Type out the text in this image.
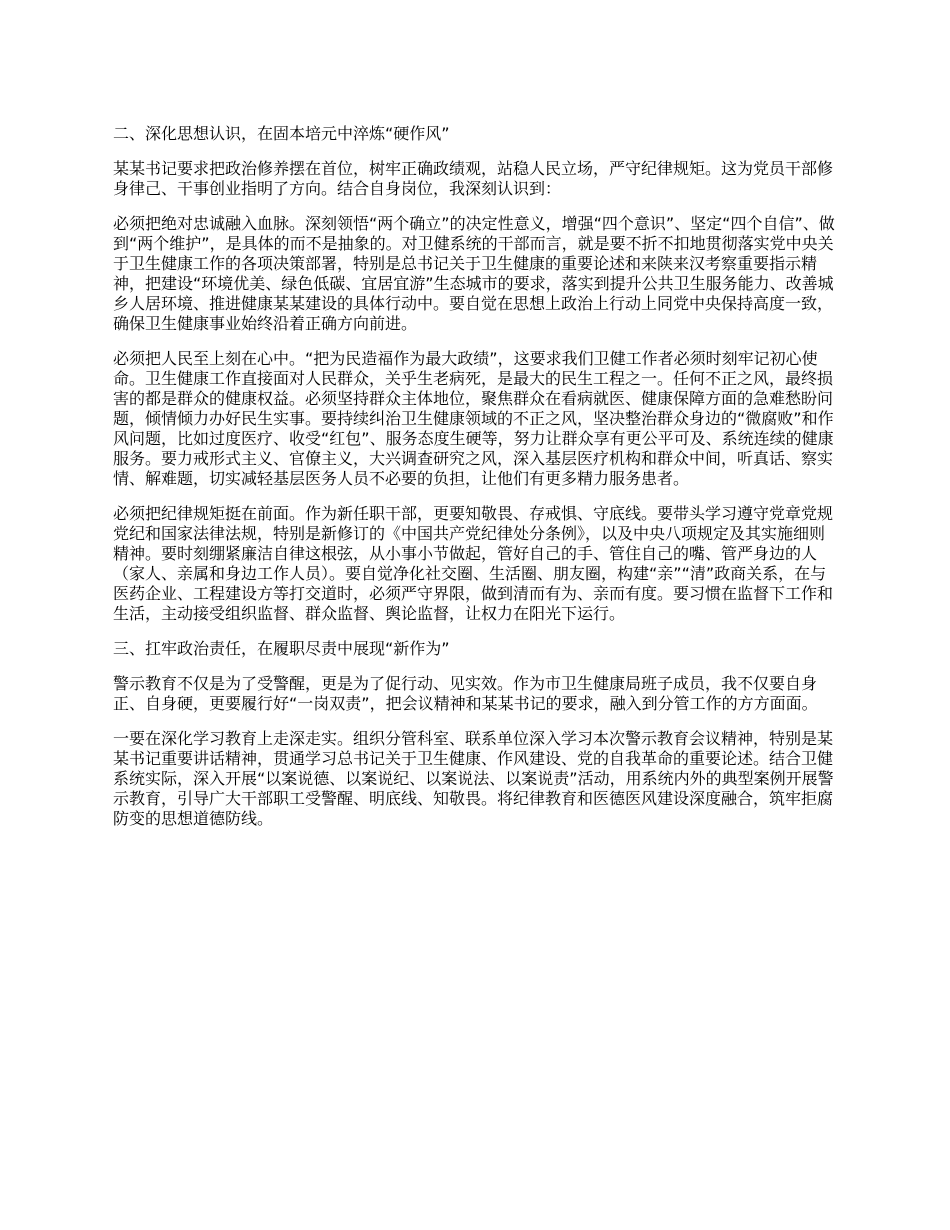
二、深化思想认识，在固本培元中淬炼“硬作风”
某某书记要求把政治修养摆在首位，树牢正确政绩观，站稳人民立场，严守纪律规矩。这为党员干部修身律己、干事创业指明了方向。结合自身岗位，我深刻认识到：
必须把绝对忠诚融入血脉。深刻领悟“两个确立”的决定性意义，增强“四个意识”、坚定“四个自信”、做到“两个维护”，是具体的而不是抽象的。对卫健系统的干部而言，就是要不折不扣地贯彻落实党中央关于卫生健康工作的各项决策部署，特别是总书记关于卫生健康的重要论述和来陕来汉考察重要指示精神，把建设“环境优美、绿色低碳、宜居宜游”生态城市的要求，落实到提升公共卫生服务能力、改善城乡人居环境、推进健康某某建设的具体行动中。要自觉在思想上政治上行动上同党中央保持高度一致，确保卫生健康事业始终沿着正确方向前进。
必须把人民至上刻在心中。“把为民造福作为最大政绩”，这要求我们卫健工作者必须时刻牢记初心使命。卫生健康工作直接面对人民群众，关乎生老病死，是最大的民生工程之一。任何不正之风，最终损害的都是群众的健康权益。必须坚持群众主体地位，聚焦群众在看病就医、健康保障方面的急难愁盼问题，倾情倾力办好民生实事。要持续纠治卫生健康领域的不正之风，坚决整治群众身边的“微腐败”和作风问题，比如过度医疗、收受“红包”、服务态度生硬等，努力让群众享有更公平可及、系统连续的健康服务。要力戒形式主义、官僚主义，大兴调查研究之风，深入基层医疗机构和群众中间，听真话、察实情、解难题，切实减轻基层医务人员不必要的负担，让他们有更多精力服务患者。
必须把纪律规矩挺在前面。作为新任职干部，更要知敬畏、存戒惧、守底线。要带头学习遵守党章党规党纪和国家法律法规，特别是新修订的《中国共产党纪律处分条例》，以及中央八项规定及其实施细则精神。要时刻绷紧廉洁自律这根弦，从小事小节做起，管好自己的手、管住自己的嘴、管严身边的人（家人、亲属和身边工作人员）。要自觉净化社交圈、生活圈、朋友圈，构建“亲”“清”政商关系，在与医药企业、工程建设方等打交道时，必须严守界限，做到清而有为、亲而有度。要习惯在监督下工作和生活，主动接受组织监督、群众监督、舆论监督，让权力在阳光下运行。
三、扛牢政治责任，在履职尽责中展现“新作为”
警示教育不仅是为了受警醒，更是为了促行动、见实效。作为市卫生健康局班子成员，我不仅要自身正、自身硬，更要履行好“一岗双责”，把会议精神和某某书记的要求，融入到分管工作的方方面面。
一要在深化学习教育上走深走实。组织分管科室、联系单位深入学习本次警示教育会议精神，特别是某某书记重要讲话精神，贯通学习总书记关于卫生健康、作风建设、党的自我革命的重要论述。结合卫健系统实际，深入开展“以案说德、以案说纪、以案说法、以案说责”活动，用系统内外的典型案例开展警示教育，引导广大干部职工受警醒、明底线、知敬畏。将纪律教育和医德医风建设深度融合，筑牢拒腐防变的思想道德防线。
